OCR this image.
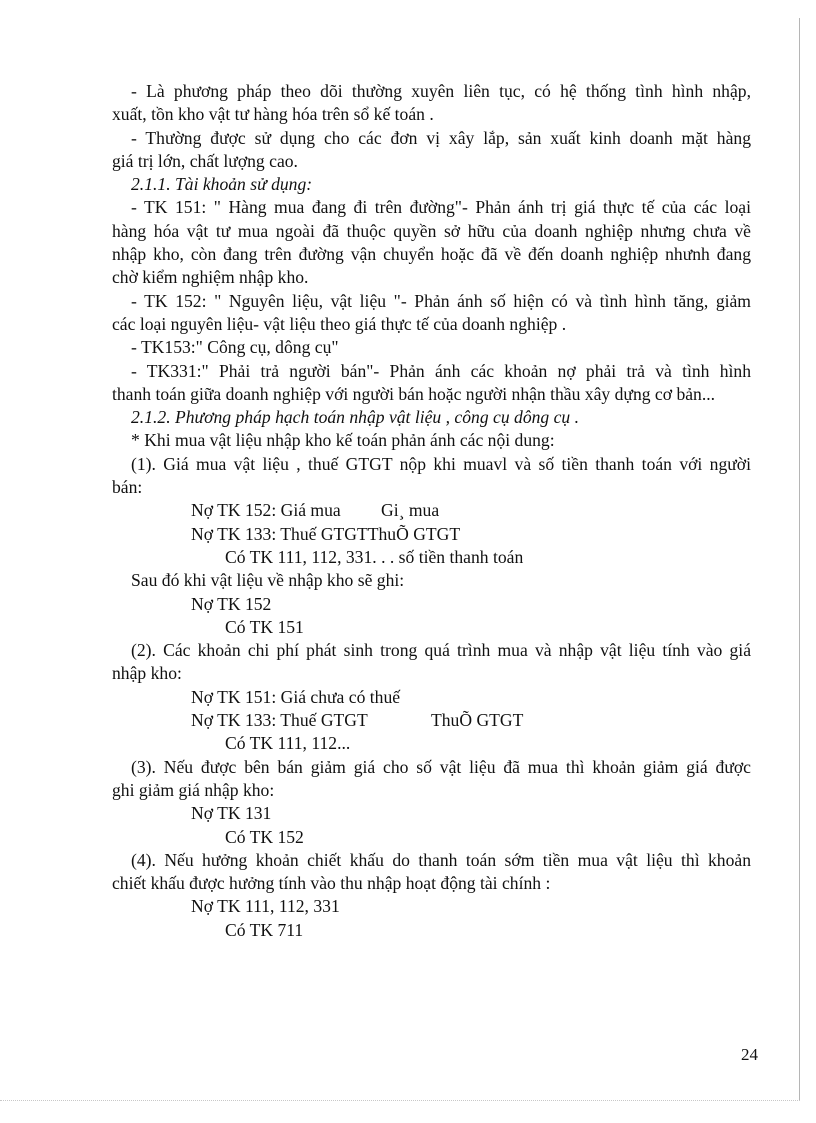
- Là phương pháp theo dõi thường xuyên liên tục, có hệ thống tình hình nhập,
xuất, tồn kho vật tư hàng hóa trên sổ kế toán .
- Thường được sử dụng cho các đơn vị xây lắp, sản xuất kinh doanh mặt hàng
giá trị lớn, chất lượng cao.
2.1.1. Tài khoản sử dụng:
- TK 151: " Hàng mua đang đi trên đường"- Phản ánh trị giá thực tế của các loại
hàng hóa vật tư mua ngoài đã thuộc quyền sở hữu của doanh nghiệp nhưng chưa về
nhập kho, còn đang trên đường vận chuyển hoặc đã về đến doanh nghiệp nhưnh đang
chờ kiểm nghiệm nhập kho.
- TK 152: " Nguyên liệu, vật liệu "- Phản ánh số hiện có và tình hình tăng, giảm
các loại nguyên liệu- vật liệu theo giá thực tế của doanh nghiệp .
- TK153:" Công cụ, dông cụ"
- TK331:" Phải trả người bán"- Phản ánh các khoản nợ phải trả và tình hình
thanh toán giữa doanh nghiệp với người bán hoặc người nhận thầu xây dựng cơ bản...
2.1.2. Phương pháp hạch toán nhập vật liệu , công cụ dông cụ .
* Khi mua vật liệu nhập kho kế toán phản ánh các nội dung:
(1). Giá mua vật liệu , thuế GTGT nộp khi muavl và số tiền thanh toán với người
bán:
Nợ TK 152: Giá mua Gi¸ mua
Nợ TK 133: Thuế GTGTThuÕ GTGT
Có TK 111, 112, 331. . . số tiền thanh toán
Sau đó khi vật liệu về nhập kho sẽ ghi:
Nợ TK 152
Có TK 151
(2). Các khoản chi phí phát sinh trong quá trình mua và nhập vật liệu tính vào giá
nhập kho:
Nợ TK 151: Giá chưa có thuế
Nợ TK 133: Thuế GTGT	ThuÕ GTGT
Có TK 111, 112...
(3). Nếu được bên bán giảm giá cho số vật liệu đã mua thì khoản giảm giá được
ghi giảm giá nhập kho:
Nợ TK 131
Có TK 152
(4). Nếu hưởng khoản chiết khấu do thanh toán sớm tiền mua vật liệu thì khoản
chiết khấu được hưởng tính vào thu nhập hoạt động tài chính :
Nợ TK 111, 112, 331
Có TK 711
24
